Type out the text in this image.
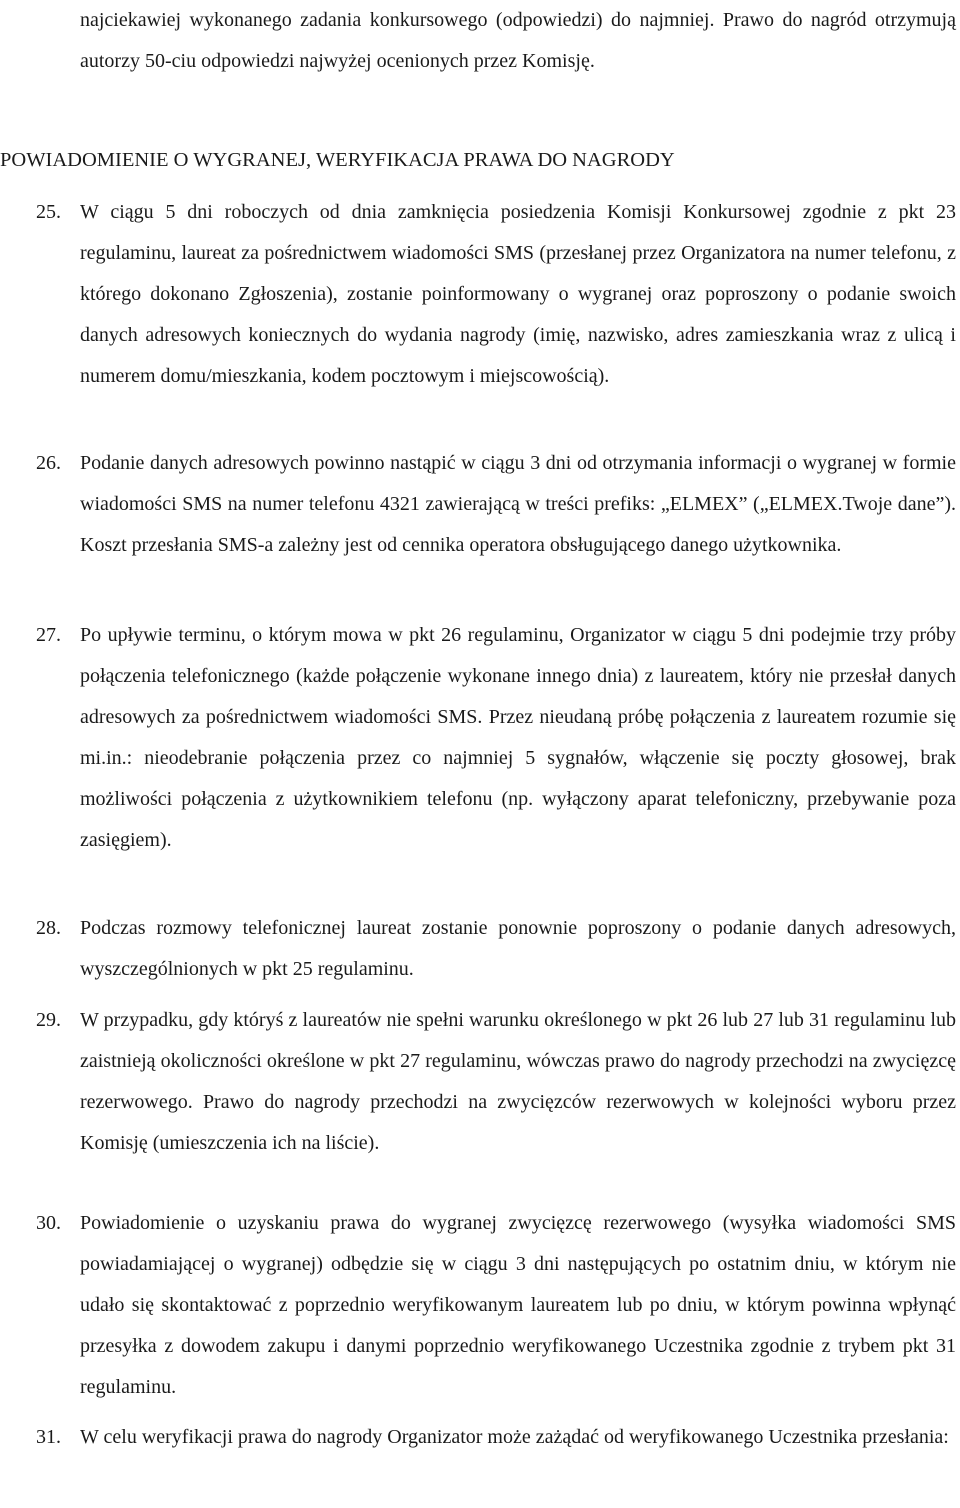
najciekawiej wykonanego zadania konkursowego (odpowiedzi) do najmniej. Prawo do nagród otrzymują autorzy 50-ciu odpowiedzi najwyżej ocenionych przez Komisję.
POWIADOMIENIE O WYGRANEJ, WERYFIKACJA PRAWA DO NAGRODY
25. W ciągu 5 dni roboczych od dnia zamknięcia posiedzenia Komisji Konkursowej zgodnie z pkt 23 regulaminu, laureat za pośrednictwem wiadomości SMS (przesłanej przez Organizatora na numer telefonu, z którego dokonano Zgłoszenia), zostanie poinformowany o wygranej oraz poproszony o podanie swoich danych adresowych koniecznych do wydania nagrody (imię, nazwisko, adres zamieszkania wraz z ulicą i numerem domu/mieszkania, kodem pocztowym i miejscowością).
26. Podanie danych adresowych powinno nastąpić w ciągu 3 dni od otrzymania informacji o wygranej w formie wiadomości SMS na numer telefonu 4321 zawierającą w treści prefiks: „ELMEX” („ELMEX.Twoje dane”). Koszt przesłania SMS-a zależny jest od cennika operatora obsługującego danego użytkownika.
27. Po upływie terminu, o którym mowa w pkt 26 regulaminu, Organizator w ciągu 5 dni podejmie trzy próby połączenia telefonicznego (każde połączenie wykonane innego dnia) z laureatem, który nie przesłał danych adresowych za pośrednictwem wiadomości SMS. Przez nieudaną próbę połączenia z laureatem rozumie się mi.in.: nieodebranie połączenia przez co najmniej 5 sygnałów, włączenie się poczty głosowej, brak możliwości połączenia z użytkownikiem telefonu (np. wyłączony aparat telefoniczny, przebywanie poza zasięgiem).
28. Podczas rozmowy telefonicznej laureat zostanie ponownie poproszony o podanie danych adresowych, wyszczególnionych w pkt 25 regulaminu.
29. W przypadku, gdy któryś z laureatów nie spełni warunku określonego w pkt 26 lub 27 lub 31 regulaminu lub zaistnieją okoliczności określone w pkt 27 regulaminu, wówczas prawo do nagrody przechodzi na zwycięzcę rezerwowego. Prawo do nagrody przechodzi na zwycięzców rezerwowych w kolejności wyboru przez Komisję (umieszczenia ich na liście).
30. Powiadomienie o uzyskaniu prawa do wygranej zwycięzcę rezerwowego (wysyłka wiadomości SMS powiadamiającej o wygranej) odbędzie się w ciągu 3 dni następujących po ostatnim dniu, w którym nie udało się skontaktować z poprzednio weryfikowanym laureatem lub po dniu, w którym powinna wpłynąć przesyłka z dowodem zakupu i danymi poprzednio weryfikowanego Uczestnika zgodnie z trybem pkt 31 regulaminu.
31. W celu weryfikacji prawa do nagrody Organizator może zażądać od weryfikowanego Uczestnika przesłania:
